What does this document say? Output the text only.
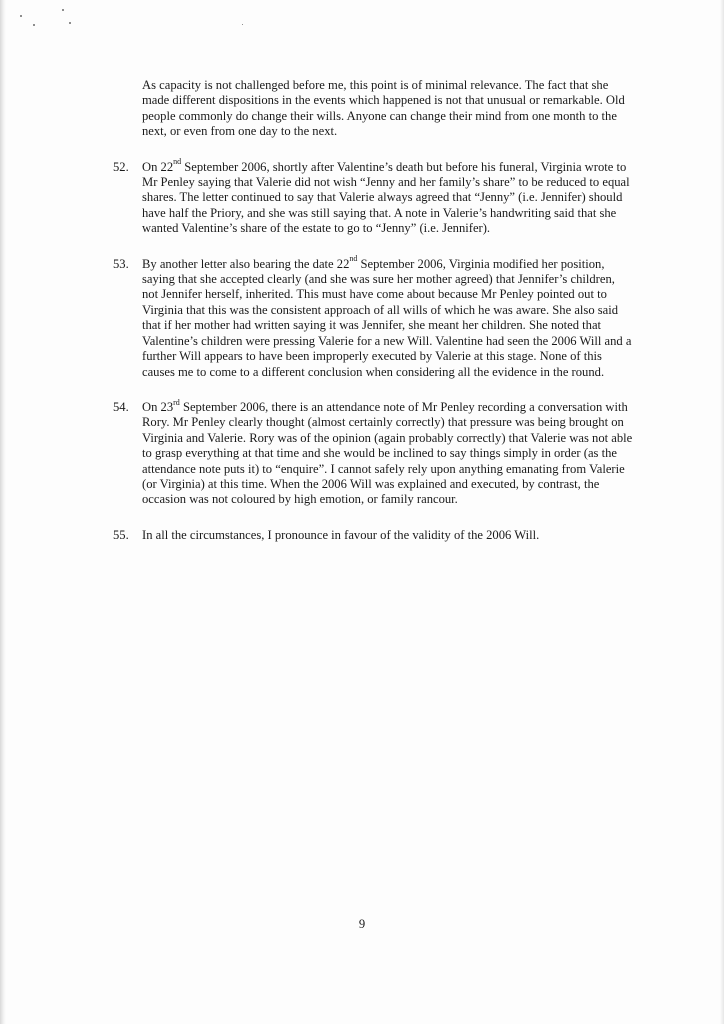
As capacity is not challenged before me, this point is of minimal relevance. The fact that she made different dispositions in the events which happened is not that unusual or remarkable. Old people commonly do change their wills. Anyone can change their mind from one month to the next, or even from one day to the next.

52.	On 22nd September 2006, shortly after Valentine’s death but before his funeral, Virginia wrote to Mr Penley saying that Valerie did not wish “Jenny and her family’s share” to be reduced to equal shares. The letter continued to say that Valerie always agreed that “Jenny” (i.e. Jennifer) should have half the Priory, and she was still saying that. A note in Valerie’s handwriting said that she wanted Valentine’s share of the estate to go to “Jenny” (i.e. Jennifer).
53.	By another letter also bearing the date 22nd September 2006, Virginia modified her position, saying that she accepted clearly (and she was sure her mother agreed) that Jennifer’s children, not Jennifer herself, inherited. This must have come about because Mr Penley pointed out to Virginia that this was the consistent approach of all wills of which he was aware. She also said that if her mother had written saying it was Jennifer, she meant her children. She noted that Valentine’s children were pressing Valerie for a new Will. Valentine had seen the 2006 Will and a further Will appears to have been improperly executed by Valerie at this stage. None of this causes me to come to a different conclusion when considering all the evidence in the round.
54.	On 23rd September 2006, there is an attendance note of Mr Penley recording a conversation with Rory. Mr Penley clearly thought (almost certainly correctly) that pressure was being brought on Virginia and Valerie. Rory was of the opinion (again probably correctly) that Valerie was not able to grasp everything at that time and she would be inclined to say things simply in order (as the attendance note puts it) to “enquire”. I cannot safely rely upon anything emanating from Valerie (or Virginia) at this time. When the 2006 Will was explained and executed, by contrast, the occasion was not coloured by high emotion, or family rancour.
55.	In all the circumstances, I pronounce in favour of the validity of the 2006 Will.
9
